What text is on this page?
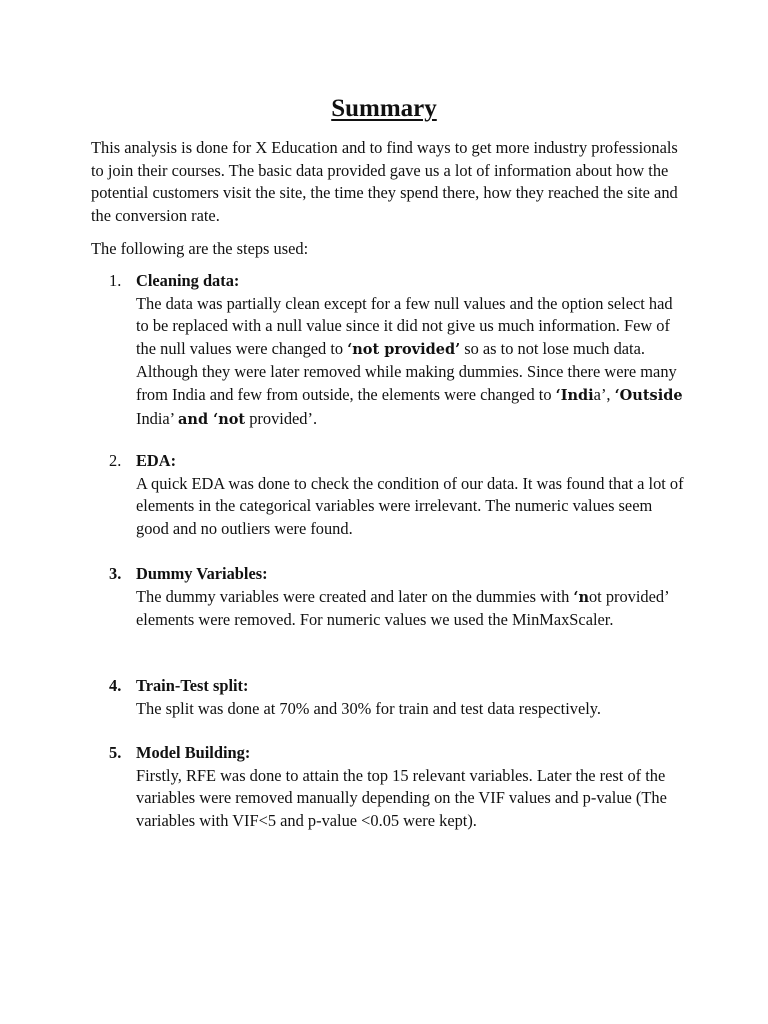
Summary

This analysis is done for X Education and to find ways to get more industry professionals to join their courses. The basic data provided gave us a lot of information about how the potential customers visit the site, the time they spend there, how they reached the site and the conversion rate.

The following are the steps used:

1. Cleaning data:

The data was partially clean except for a few null values and the option select had to be replaced with a null value since it did not give us much information. Few of the null values were changed to ‘not provided’ so as to not lose much data. Although they were later removed while making dummies. Since there were many from India and few from outside, the elements were changed to ‘India’, ‘Outside India’ and ‘not provided’.

2. EDA:

A quick EDA was done to check the condition of our data. It was found that a lot of elements in the categorical variables were irrelevant. The numeric values seem good and no outliers were found.

3. Dummy Variables:

The dummy variables were created and later on the dummies with ‘not provided’ elements were removed. For numeric values we used the MinMaxScaler.

4. Train-Test split:

The split was done at 70% and 30% for train and test data respectively.

5. Model Building:

Firstly, RFE was done to attain the top 15 relevant variables. Later the rest of the variables were removed manually depending on the VIF values and p-value (The variables with VIF<5 and p-value <0.05 were kept).
